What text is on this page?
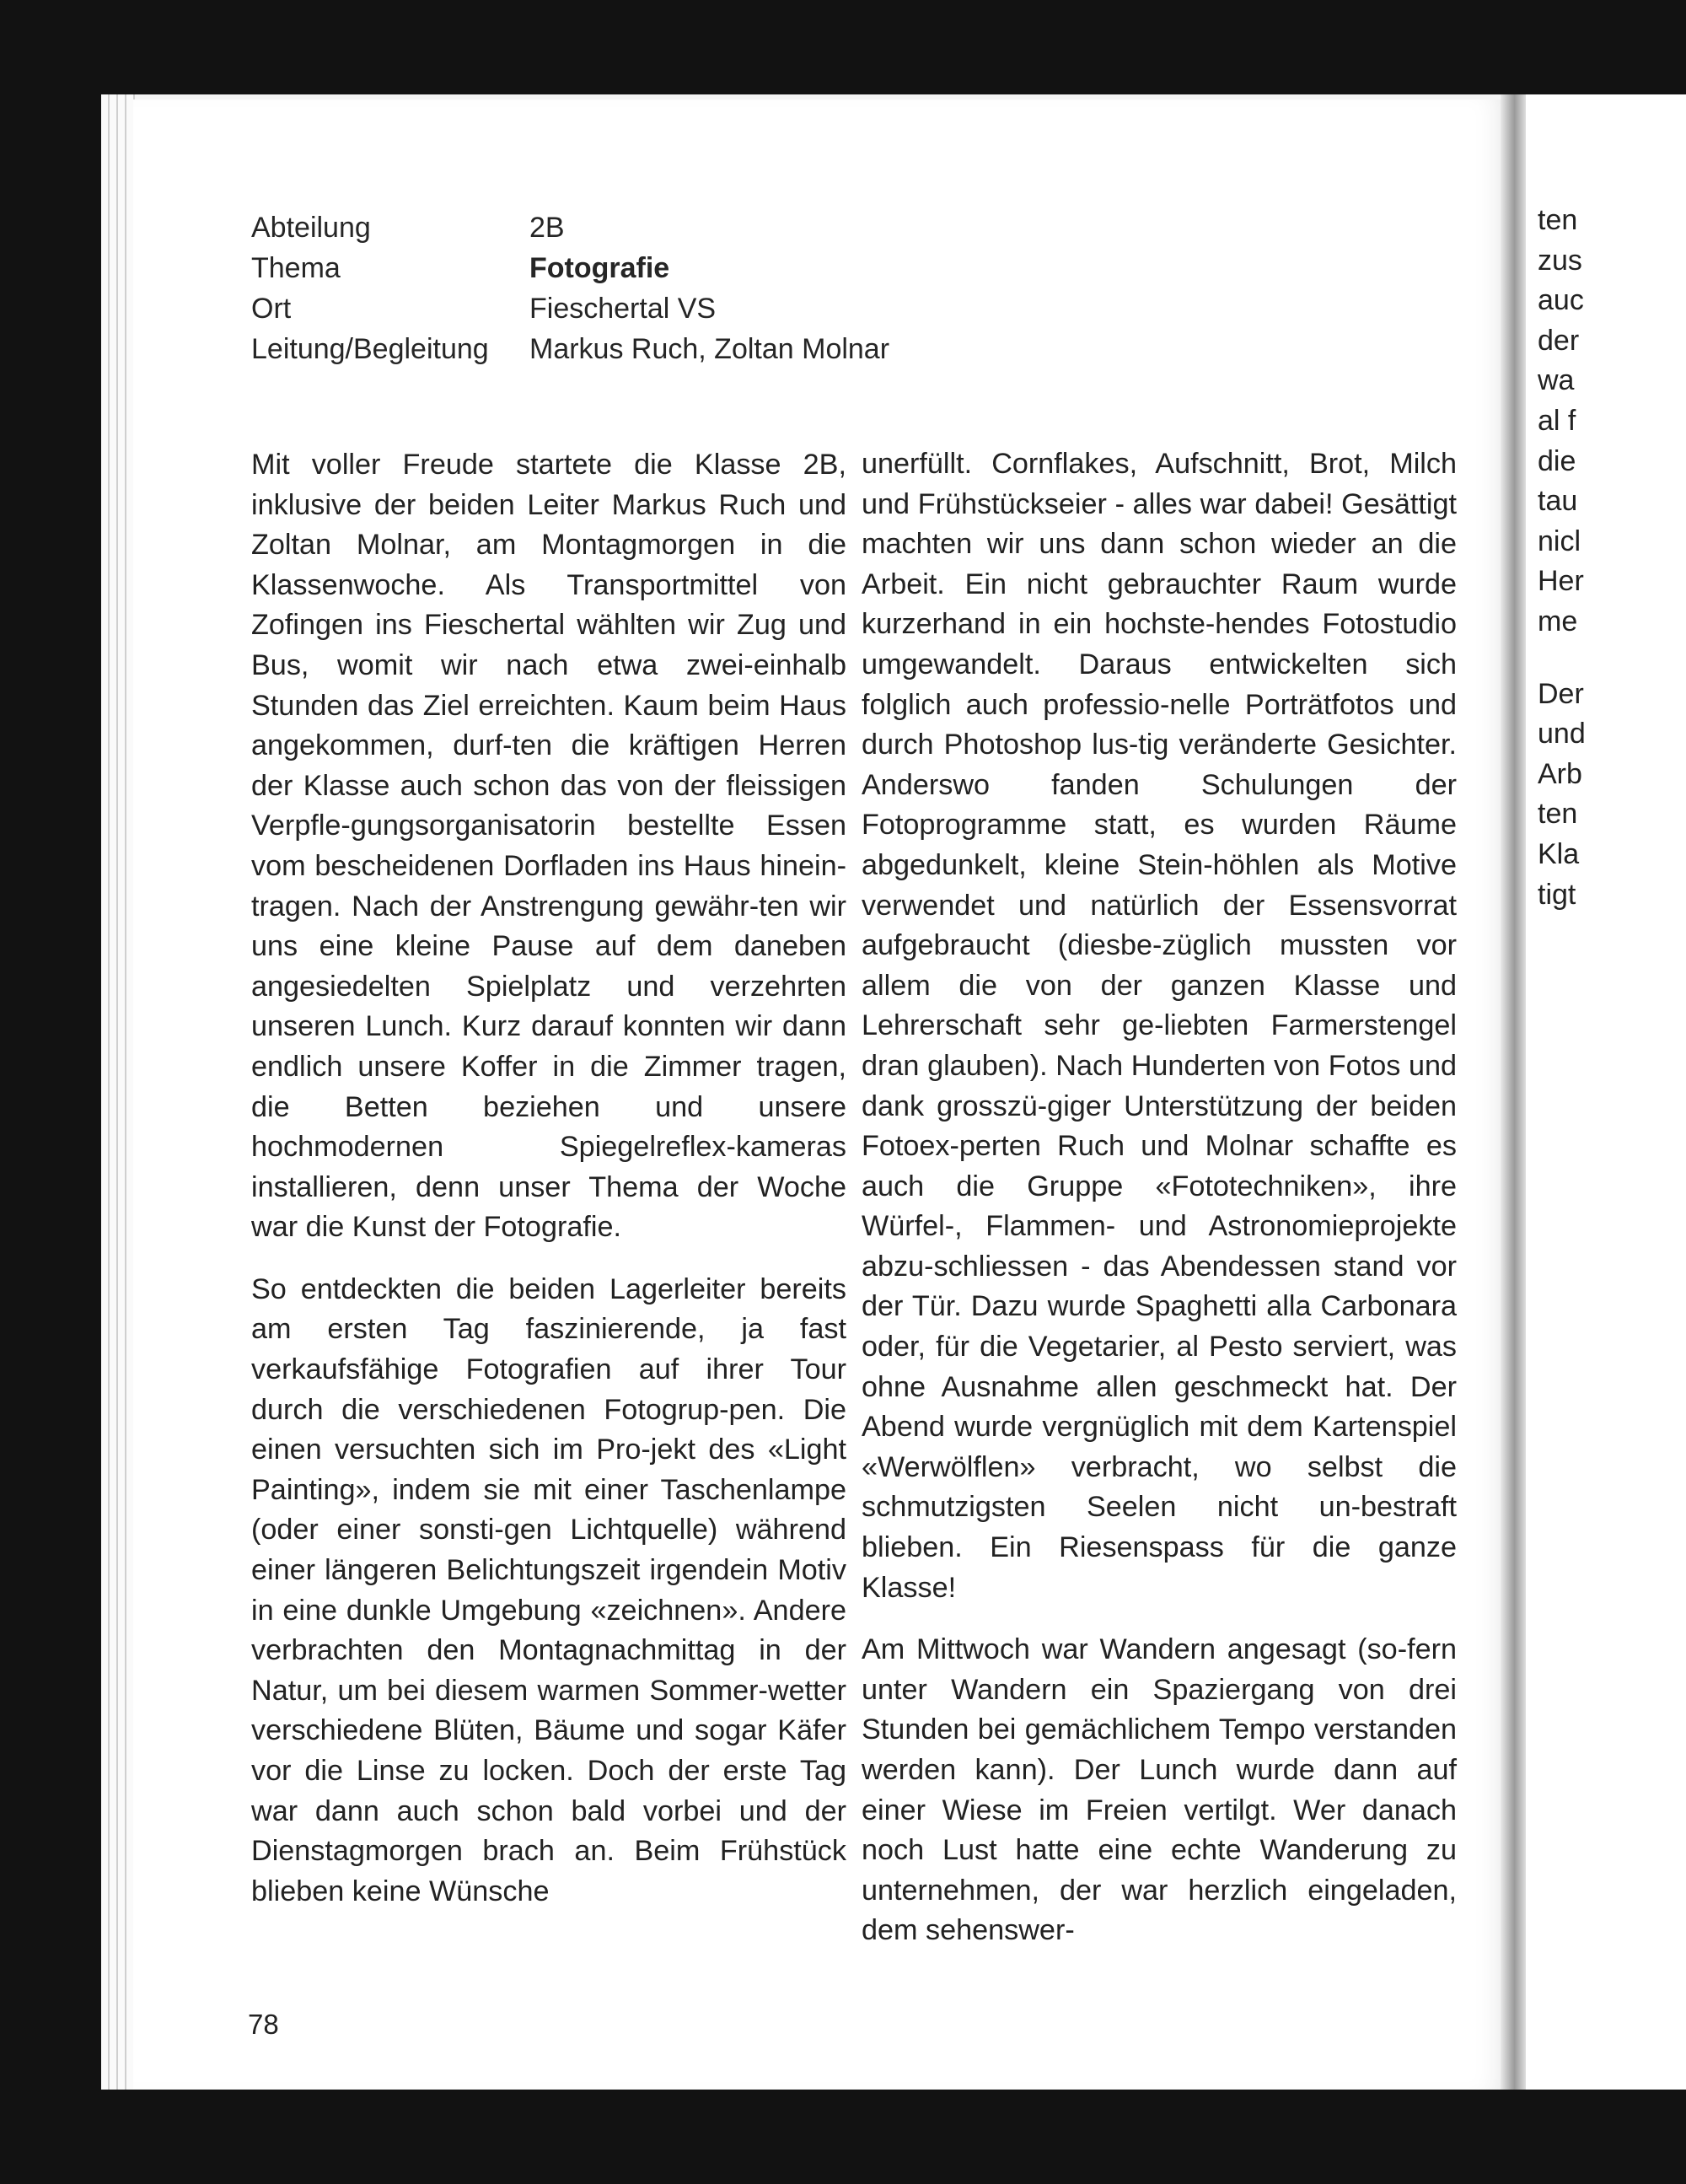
Abteilung	2B
Thema	Fotografie
Ort	Fieschertal VS
Leitung/Begleitung	Markus Ruch, Zoltan Molnar

Mit voller Freude startete die Klasse 2B, inklusive der beiden Leiter Markus Ruch und Zoltan Molnar, am Montagmorgen in die Klassenwoche. Als Transportmittel von Zofingen ins Fieschertal wählten wir Zug und Bus, womit wir nach etwa zwei-einhalb Stunden das Ziel erreichten. Kaum beim Haus angekommen, durf-ten die kräftigen Herren der Klasse auch schon das von der fleissigen Verpfle-gungsorganisatorin bestellte Essen vom bescheidenen Dorfladen ins Haus hinein-tragen. Nach der Anstrengung gewähr-ten wir uns eine kleine Pause auf dem daneben angesiedelten Spielplatz und verzehrten unseren Lunch. Kurz darauf konnten wir dann endlich unsere Koffer in die Zimmer tragen, die Betten beziehen und unsere hochmodernen Spiegelreflex-kameras installieren, denn unser Thema der Woche war die Kunst der Fotografie.

So entdeckten die beiden Lagerleiter bereits am ersten Tag faszinierende, ja fast verkaufsfähige Fotografien auf ihrer Tour durch die verschiedenen Fotogrup-pen. Die einen versuchten sich im Pro-jekt des «Light Painting», indem sie mit einer Taschenlampe (oder einer sonsti-gen Lichtquelle) während einer längeren Belichtungszeit irgendein Motiv in eine dunkle Umgebung «zeichnen». Andere verbrachten den Montagnachmittag in der Natur, um bei diesem warmen Sommer-wetter verschiedene Blüten, Bäume und sogar Käfer vor die Linse zu locken. Doch der erste Tag war dann auch schon bald vorbei und der Dienstagmorgen brach an. Beim Frühstück blieben keine Wünsche

unerfüllt. Cornflakes, Aufschnitt, Brot, Milch und Frühstückseier - alles war dabei! Gesättigt machten wir uns dann schon wieder an die Arbeit. Ein nicht gebrauchter Raum wurde kurzerhand in ein hochste-hendes Fotostudio umgewandelt. Daraus entwickelten sich folglich auch professio-nelle Porträtfotos und durch Photoshop lus-tig veränderte Gesichter. Anderswo fanden Schulungen der Fotoprogramme statt, es wurden Räume abgedunkelt, kleine Stein-höhlen als Motive verwendet und natürlich der Essensvorrat aufgebraucht (diesbe-züglich mussten vor allem die von der ganzen Klasse und Lehrerschaft sehr ge-liebten Farmerstengel dran glauben). Nach Hunderten von Fotos und dank grosszü-giger Unterstützung der beiden Fotoex-perten Ruch und Molnar schaffte es auch die Gruppe «Fototechniken», ihre Würfel-, Flammen- und Astronomieprojekte abzu-schliessen - das Abendessen stand vor der Tür. Dazu wurde Spaghetti alla Carbonara oder, für die Vegetarier, al Pesto serviert, was ohne Ausnahme allen geschmeckt hat. Der Abend wurde vergnüglich mit dem Kartenspiel «Werwölflen» verbracht, wo selbst die schmutzigsten Seelen nicht un-bestraft blieben. Ein Riesenspass für die ganze Klasse!

Am Mittwoch war Wandern angesagt (so-fern unter Wandern ein Spaziergang von drei Stunden bei gemächlichem Tempo verstanden werden kann). Der Lunch wurde dann auf einer Wiese im Freien vertilgt. Wer danach noch Lust hatte eine echte Wanderung zu unternehmen, der war herzlich eingeladen, dem sehenswer-

78
ten
zus
auc
der
wa
al f
die
tau
nicl
Her
me
Der
und
Arb
ten
Kla
tigt
